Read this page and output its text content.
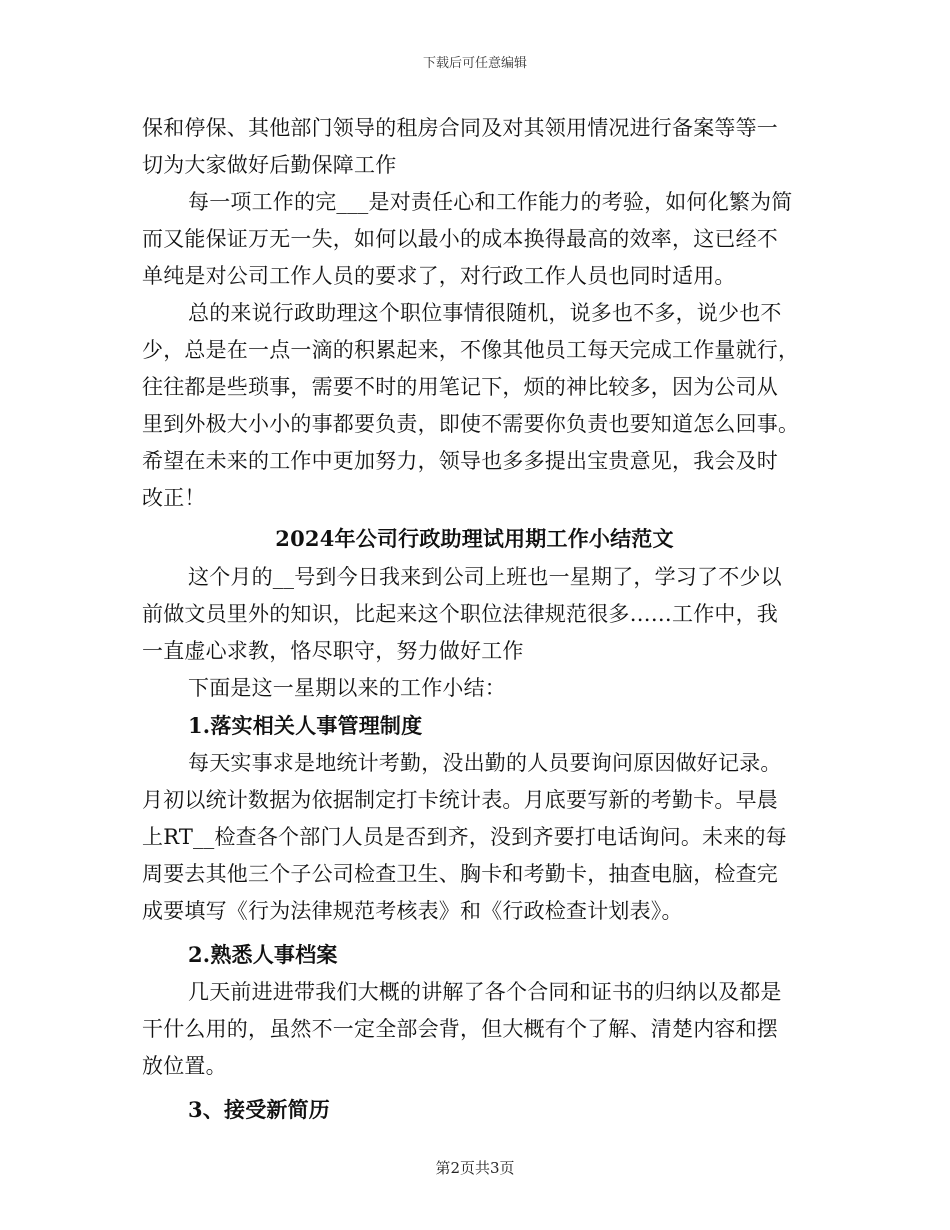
下载后可任意编辑
保和停保、其他部门领导的租房合同及对其领用情况进行备案等等一
切为大家做好后勤保障工作
每一项工作的完___是对责任心和工作能力的考验，如何化繁为简
而又能保证万无一失，如何以最小的成本换得最高的效率，这已经不
单纯是对公司工作人员的要求了，对行政工作人员也同时适用。
总的来说行政助理这个职位事情很随机，说多也不多，说少也不
少，总是在一点一滴的积累起来，不像其他员工每天完成工作量就行，
往往都是些琐事，需要不时的用笔记下，烦的神比较多，因为公司从
里到外极大小小的事都要负责，即使不需要你负责也要知道怎么回事。
希望在未来的工作中更加努力，领导也多多提出宝贵意见，我会及时
改正！
2024年公司行政助理试用期工作小结范文
这个月的__号到今日我来到公司上班也一星期了，学习了不少以
前做文员里外的知识，比起来这个职位法律规范很多……工作中，我
一直虚心求教，恪尽职守，努力做好工作
下面是这一星期以来的工作小结：
1.落实相关人事管理制度
每天实事求是地统计考勤，没出勤的人员要询问原因做好记录。
月初以统计数据为依据制定打卡统计表。月底要写新的考勤卡。早晨
上RT__检查各个部门人员是否到齐，没到齐要打电话询问。未来的每
周要去其他三个子公司检查卫生、胸卡和考勤卡，抽查电脑，检查完
成要填写《行为法律规范考核表》和《行政检查计划表》。
2.熟悉人事档案
几天前进进带我们大概的讲解了各个合同和证书的归纳以及都是
干什么用的，虽然不一定全部会背，但大概有个了解、清楚内容和摆
放位置。
3、接受新简历
第2页共3页
